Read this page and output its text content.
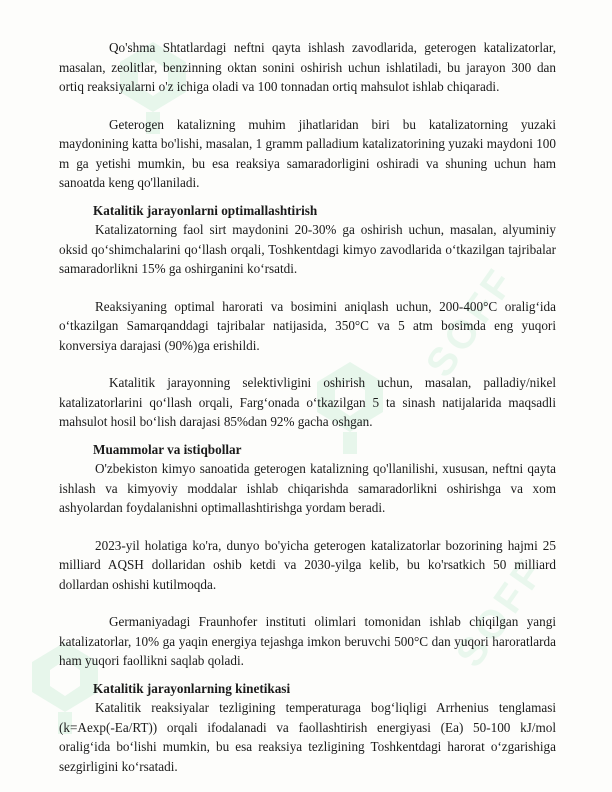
SOFF
SOFF

Qo'shma Shtatlardagi neftni qayta ishlash zavodlarida, geterogen katalizatorlar, masalan, zeolitlar, benzinning oktan sonini oshirish uchun ishlatiladi, bu jarayon 300 dan ortiq reaksiyalarni o'z ichiga oladi va 100 tonnadan ortiq mahsulot ishlab chiqaradi.

Geterogen katalizning muhim jihatlaridan biri bu katalizatorning yuzaki maydonining katta bo'lishi, masalan, 1 gramm palladium katalizatorining yuzaki maydoni 100 m ga yetishi mumkin, bu esa reaksiya samaradorligini oshiradi va shuning uchun ham sanoatda keng qo'llaniladi.

Katalitik jarayonlarni optimallashtirish

Katalizatorning faol sirt maydonini 20-30% ga oshirish uchun, masalan, alyuminiy oksid qo‘shimchalarini qo‘llash orqali, Toshkentdagi kimyo zavodlarida o‘tkazilgan tajribalar samaradorlikni 15% ga oshirganini ko‘rsatdi.

Reaksiyaning optimal harorati va bosimini aniqlash uchun, 200-400°C oralig‘ida o‘tkazilgan Samarqanddagi tajribalar natijasida, 350°C va 5 atm bosimda eng yuqori konversiya darajasi (90%)ga erishildi.

Katalitik jarayonning selektivligini oshirish uchun, masalan, palladiy/nikel katalizatorlarini qo‘llash orqali, Farg‘onada o‘tkazilgan 5 ta sinash natijalarida maqsadli mahsulot hosil bo‘lish darajasi 85%dan 92% gacha oshgan.

Muammolar va istiqbollar

O'zbekiston kimyo sanoatida geterogen katalizning qo'llanilishi, xususan, neftni qayta ishlash va kimyoviy moddalar ishlab chiqarishda samaradorlikni oshirishga va xom ashyolardan foydalanishni optimallashtirishga yordam beradi.

2023-yil holatiga ko'ra, dunyo bo'yicha geterogen katalizatorlar bozorining hajmi 25 milliard AQSH dollaridan oshib ketdi va 2030-yilga kelib, bu ko'rsatkich 50 milliard dollardan oshishi kutilmoqda.

Germaniyadagi Fraunhofer instituti olimlari tomonidan ishlab chiqilgan yangi katalizatorlar, 10% ga yaqin energiya tejashga imkon beruvchi 500°C dan yuqori haroratlarda ham yuqori faollikni saqlab qoladi.

Katalitik jarayonlarning kinetikasi

Katalitik reaksiyalar tezligining temperaturaga bog‘liqligi Arrhenius tenglamasi (k=Aexp(-Ea/RT)) orqali ifodalanadi va faollashtirish energiyasi (Ea) 50-100 kJ/mol oralig‘ida bo‘lishi mumkin, bu esa reaksiya tezligining Toshkentdagi harorat o‘zgarishiga sezgirligini ko‘rsatadi.
